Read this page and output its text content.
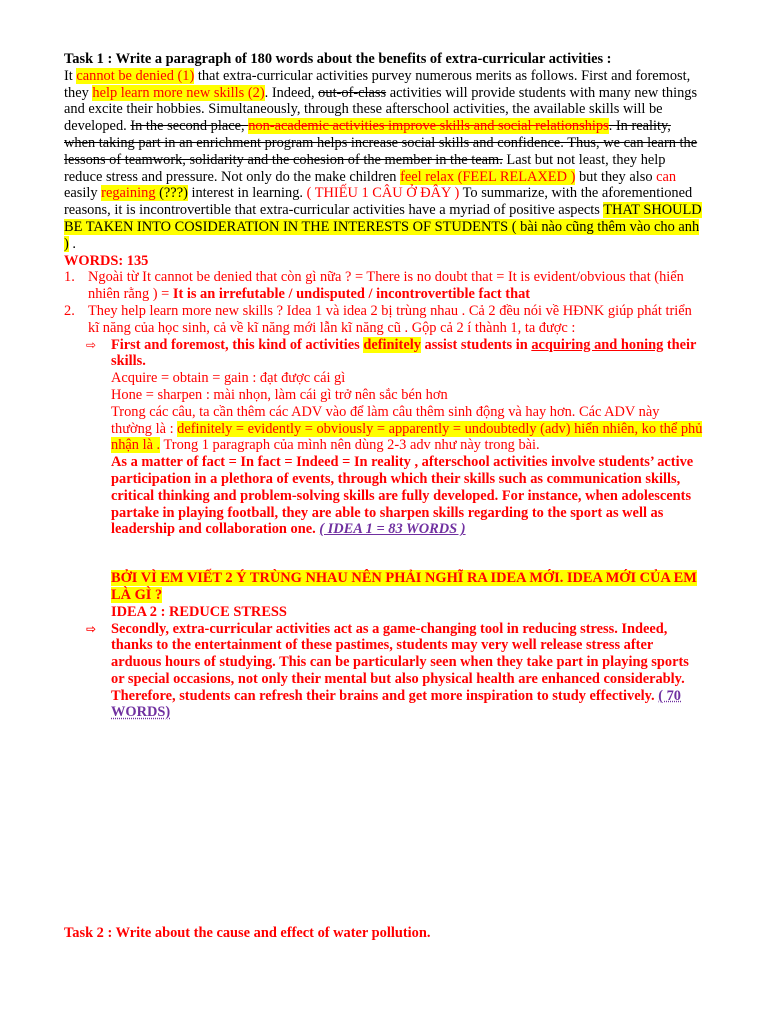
Task 1 : Write a paragraph of 180 words about the benefits of extra-curricular activities :

It cannot be denied (1) that extra-curricular activities purvey numerous merits as follows. First and foremost, they help learn more new skills (2). Indeed, out-of-class activities will provide students with many new things and excite their hobbies. Simultaneously, through these afterschool activities, the available skills will be developed. In the second place, non-academic activities improve skills and social relationships. In reality, when taking part in an enrichment program helps increase social skills and confidence. Thus, we can learn the lessons of teamwork, solidarity and the cohesion of the member in the team. Last but not least, they help reduce stress and pressure. Not only do the make children feel relax (FEEL RELAXED ) but they also can easily regaining (???) interest in learning. ( THIẾU 1 CÂU Ở ĐÂY ) To summarize, with the aforementioned reasons, it is incontrovertible that extra-curricular activities have a myriad of positive aspects THAT SHOULD BE TAKEN INTO COSIDERATION IN THE INTERESTS OF STUDENTS ( bài nào cũng thêm vào cho anh ) .

WORDS: 135

1. Ngoài từ It cannot be denied that còn gì nữa ? = There is no doubt that = It is evident/obvious that (hiển nhiên rằng ) = It is an irrefutable / undisputed / incontrovertible fact that
2. They help learn more new skills ? Idea 1 và idea 2 bị trùng nhau . Cả 2 đều nói về HĐNK giúp phát triển kĩ năng của học sinh, cả về kĩ năng mới lẫn kĩ năng cũ . Gộp cả 2 í thành 1, ta được :
⇨ First and foremost, this kind of activities definitely assist students in acquiring and honing their skills.

Acquire = obtain = gain : đạt được cái gì

Hone = sharpen : mài nhọn, làm cái gì trở nên sắc bén hơn

Trong các câu, ta cần thêm các ADV vào để làm câu thêm sinh động và hay hơn. Các ADV này thường là : definitely = evidently = obviously = apparently = undoubtedly (adv) hiển nhiên, ko thể phủ nhận là . Trong 1 paragraph của mình nên dùng 2-3 adv như này trong bài.

As a matter of fact = In fact = Indeed = In reality , afterschool activities involve students’ active participation in a plethora of events, through which their skills such as communication skills, critical thinking and problem-solving skills are fully developed. For instance, when adolescents partake in playing football, they are able to sharpen skills regarding to the sport as well as leadership and collaboration one. ( IDEA 1 = 83 WORDS )

BỞI VÌ EM VIẾT 2 Ý TRÙNG NHAU NÊN PHẢI NGHĨ RA IDEA MỚI. IDEA MỚI CỦA EM LÀ GÌ ?

IDEA 2 : REDUCE STRESS

⇨ Secondly, extra-curricular activities act as a game-changing tool in reducing stress. Indeed, thanks to the entertainment of these pastimes, students may very well release stress after arduous hours of studying. This can be particularly seen when they take part in playing sports or special occasions, not only their mental but also physical health are enhanced considerably. Therefore, students can refresh their brains and get more inspiration to study effectively. ( 70 WORDS)

Task 2 : Write about the cause and effect of water pollution.
